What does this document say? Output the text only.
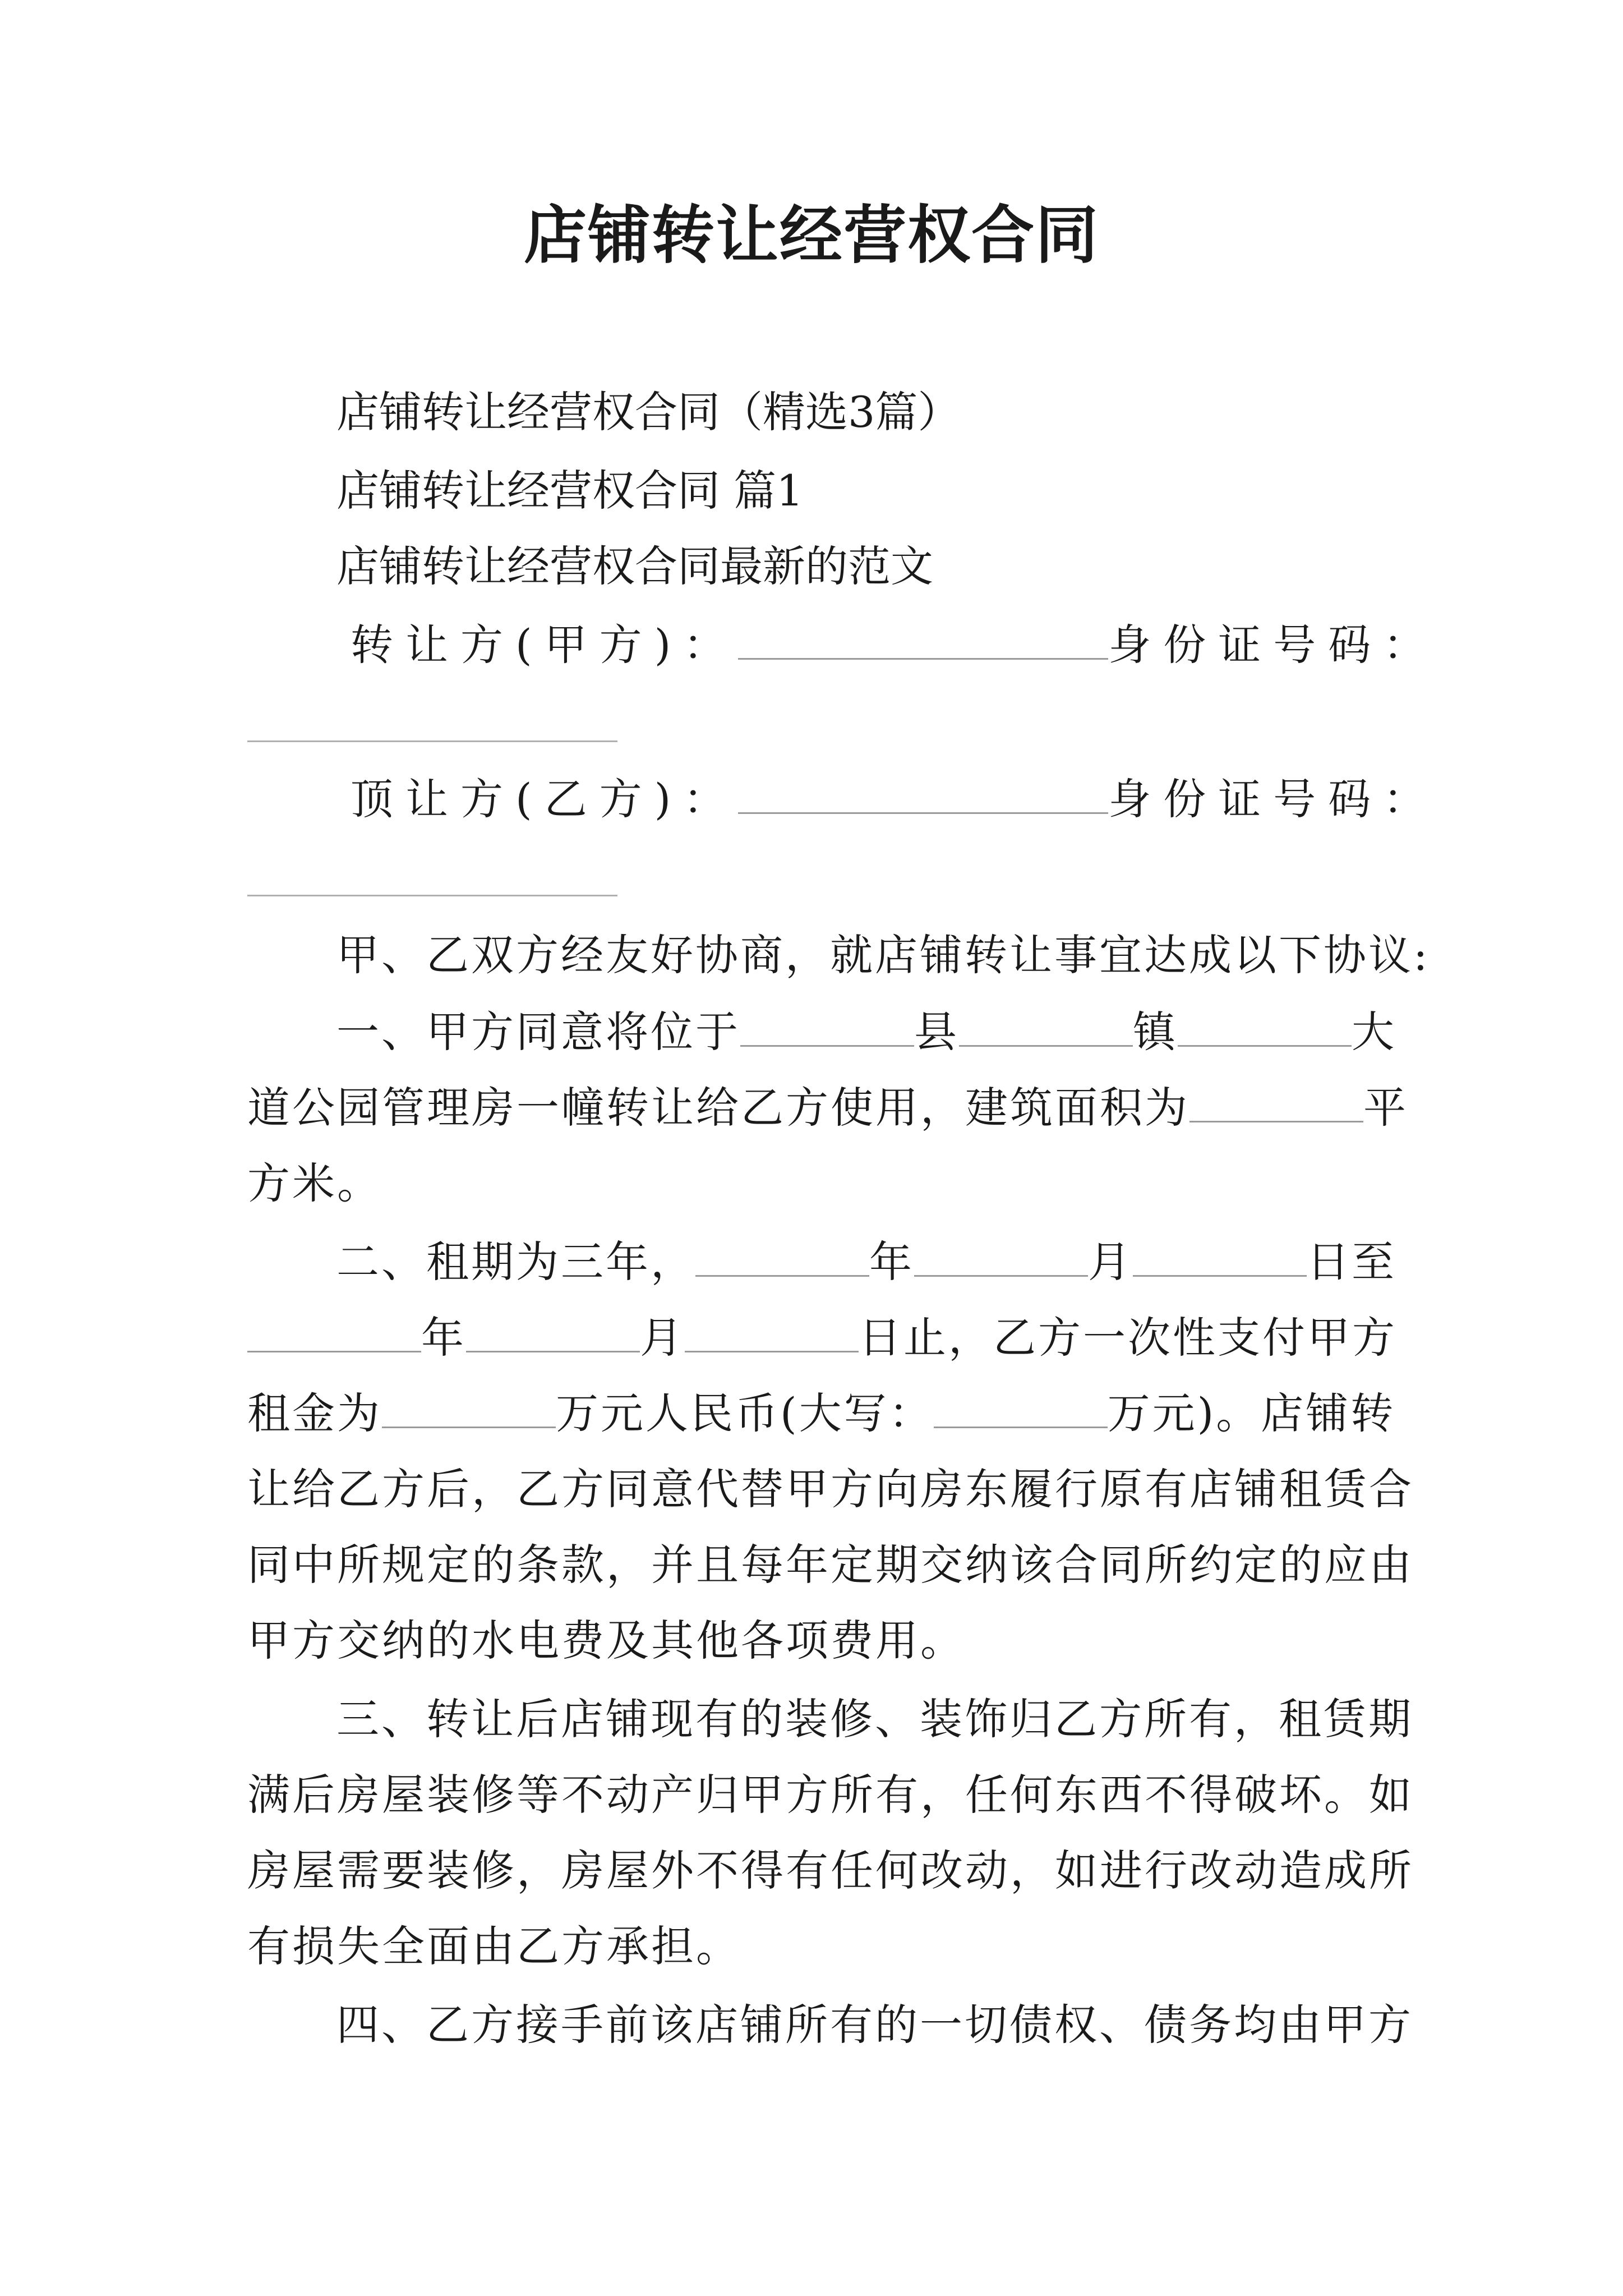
店铺转让经营权合同
店铺转让经营权合同（精选3篇）
店铺转让经营权合同 篇1
店铺转让经营权合同最新的范文
转让方(甲方)：	身份证号码：
顶让方(乙方)：	身份证号码：
甲、乙双方经友好协商，就店铺转让事宜达成以下协议:
一、甲方同意将位于	县	镇	大
道公园管理房一幢转让给乙方使用，建筑面积为	平
方米。
二、租期为三年，	年	月	日至
年	月	日止，乙方一次性支付甲方
租金为	万元人民币(大写：	万元)。店铺转
让给乙方后，乙方同意代替甲方向房东履行原有店铺租赁合
同中所规定的条款，并且每年定期交纳该合同所约定的应由
甲方交纳的水电费及其他各项费用。
三、转让后店铺现有的装修、装饰归乙方所有，租赁期
满后房屋装修等不动产归甲方所有，任何东西不得破坏。如
房屋需要装修，房屋外不得有任何改动，如进行改动造成所
有损失全面由乙方承担。
四、乙方接手前该店铺所有的一切债权、债务均由甲方
